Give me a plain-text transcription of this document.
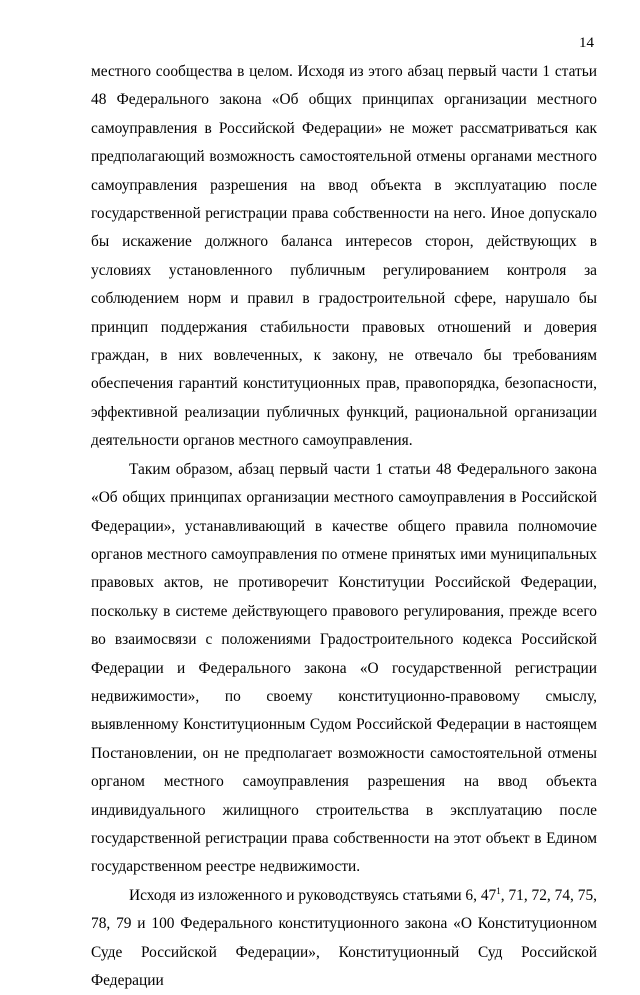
14

местного сообщества в целом. Исходя из этого абзац первый части 1 статьи 48 Федерального закона «Об общих принципах организации местного самоуправления в Российской Федерации» не может рассматриваться как предполагающий возможность самостоятельной отмены органами местного самоуправления разрешения на ввод объекта в эксплуатацию после государственной регистрации права собственности на него. Иное допускало бы искажение должного баланса интересов сторон, действующих в условиях установленного публичным регулированием контроля за соблюдением норм и правил в градостроительной сфере, нарушало бы принцип поддержания стабильности правовых отношений и доверия граждан, в них вовлеченных, к закону, не отвечало бы требованиям обеспечения гарантий конституционных прав, правопорядка, безопасности, эффективной реализации публичных функций, рациональной организации деятельности органов местного самоуправления.

Таким образом, абзац первый части 1 статьи 48 Федерального закона «Об общих принципах организации местного самоуправления в Российской Федерации», устанавливающий в качестве общего правила полномочие органов местного самоуправления по отмене принятых ими муниципальных правовых актов, не противоречит Конституции Российской Федерации, поскольку в системе действующего правового регулирования, прежде всего во взаимосвязи с положениями Градостроительного кодекса Российской Федерации и Федерального закона «О государственной регистрации недвижимости», по своему конституционно-правовому смыслу, выявленному Конституционным Судом Российской Федерации в настоящем Постановлении, он не предполагает возможности самостоятельной отмены органом местного самоуправления разрешения на ввод объекта индивидуального жилищного строительства в эксплуатацию после государственной регистрации права собственности на этот объект в Едином государственном реестре недвижимости.

Исходя из изложенного и руководствуясь статьями 6, $47^1$, 71, 72, 74, 75, 78, 79 и 100 Федерального конституционного закона «О Конституционном Суде Российской Федерации», Конституционный Суд Российской Федерации
